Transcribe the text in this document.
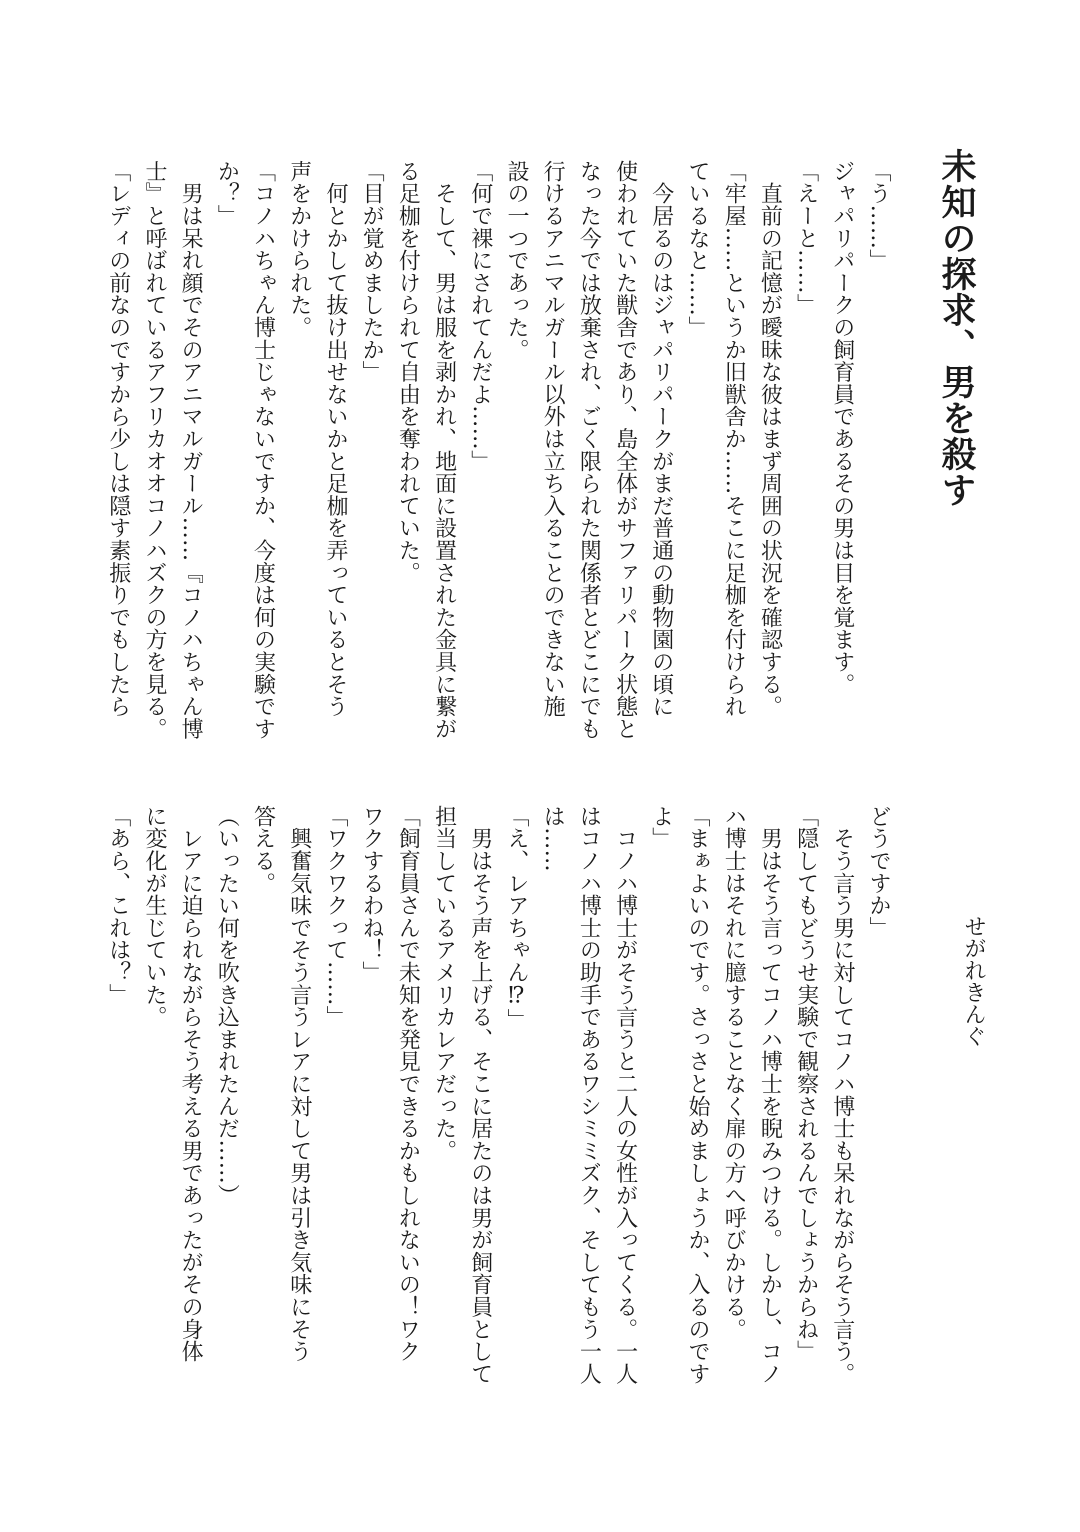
未知の探求、男を殺す
せがれきんぐ
「う……」
ジャパリパークの飼育員であるその男は目を覚ます。
「えーと……」
　直前の記憶が曖昧な彼はまず周囲の状況を確認する。
「牢屋……というか旧獣舎か……そこに足枷を付けられ
ているなと……」
　今居るのはジャパリパークがまだ普通の動物園の頃に
使われていた獣舎であり、島全体がサファリパーク状態と
なった今では放棄され、ごく限られた関係者とどこにでも
行けるアニマルガール以外は立ち入ることのできない施
設の一つであった。
「何で裸にされてんだよ……」
　そして、男は服を剥かれ、地面に設置された金具に繋が
る足枷を付けられて自由を奪われていた。
「目が覚めましたか」
　何とかして抜け出せないかと足枷を弄っているとそう
声をかけられた。
「コノハちゃん博士じゃないですか、今度は何の実験です
か？」
　男は呆れ顔でそのアニマルガール……『コノハちゃん博
士』と呼ばれているアフリカオオコノハズクの方を見る。
「レディの前なのですから少しは隠す素振りでもしたら
どうですか」
　そう言う男に対してコノハ博士も呆れながらそう言う。
「隠してもどうせ実験で観察されるんでしょうからね」
　男はそう言ってコノハ博士を睨みつける。しかし、コノ
ハ博士はそれに臆することなく扉の方へ呼びかける。
「まぁよいのです。さっさと始めましょうか、入るのです
よ」
　コノハ博士がそう言うと二人の女性が入ってくる。一人
はコノハ博士の助手であるワシミミズク、そしてもう一人
は……
「え、レアちゃん⁉」
　男はそう声を上げる、そこに居たのは男が飼育員として
担当しているアメリカレアだった。
「飼育員さんで未知を発見できるかもしれないの！ワク
ワクするわね！」
「ワクワクって……」
　興奮気味でそう言うレアに対して男は引き気味にそう
答える。
（いったい何を吹き込まれたんだ……）
　レアに迫られながらそう考える男であったがその身体
に変化が生じていた。
「あら、これは？」
